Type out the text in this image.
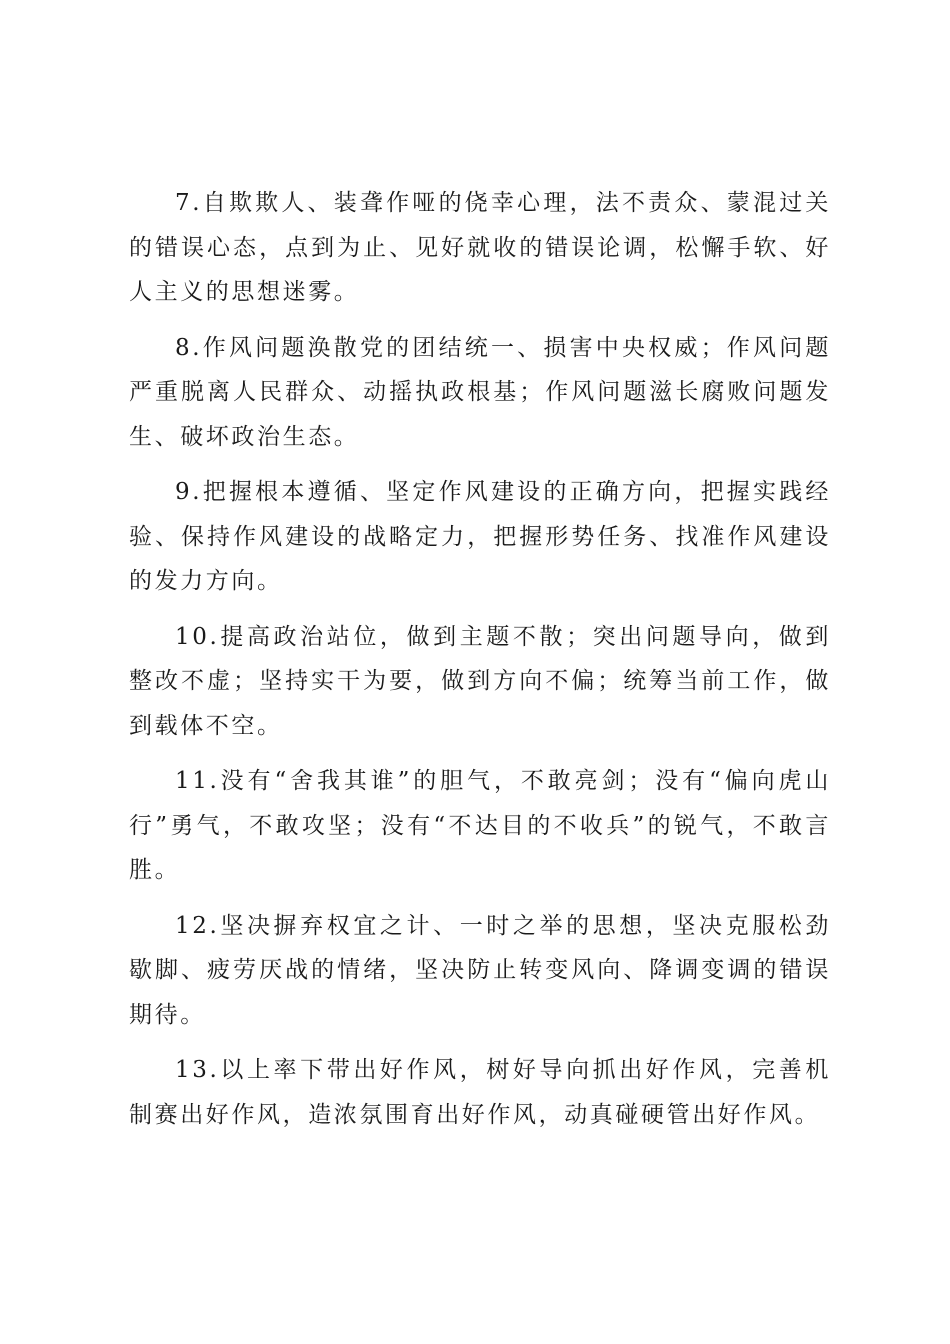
7.自欺欺人、装聋作哑的侥幸心理，法不责众、蒙混过关的错误心态，点到为止、见好就收的错误论调，松懈手软、好人主义的思想迷雾。

8.作风问题涣散党的团结统一、损害中央权威；作风问题严重脱离人民群众、动摇执政根基；作风问题滋长腐败问题发生、破坏政治生态。

9.把握根本遵循、坚定作风建设的正确方向，把握实践经验、保持作风建设的战略定力，把握形势任务、找准作风建设的发力方向。

10.提高政治站位，做到主题不散；突出问题导向，做到整改不虚；坚持实干为要，做到方向不偏；统筹当前工作，做到载体不空。

11.没有“舍我其谁”的胆气，不敢亮剑；没有“偏向虎山行”勇气，不敢攻坚；没有“不达目的不收兵”的锐气，不敢言胜。

12.坚决摒弃权宜之计、一时之举的思想，坚决克服松劲歇脚、疲劳厌战的情绪，坚决防止转变风向、降调变调的错误期待。

13.以上率下带出好作风，树好导向抓出好作风，完善机制赛出好作风，造浓氛围育出好作风，动真碰硬管出好作风。
